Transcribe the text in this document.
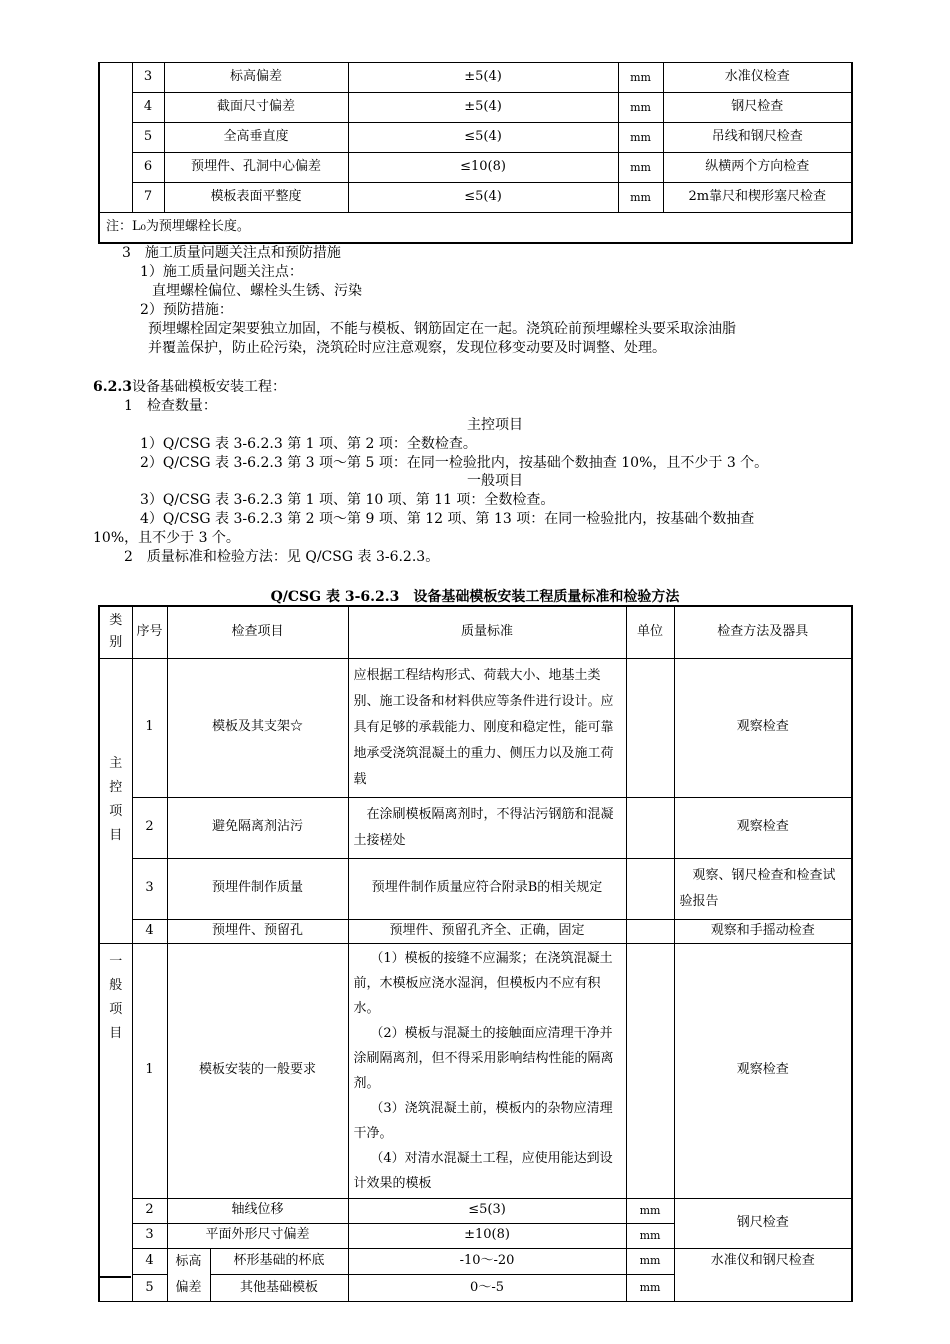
	3	标高偏差	±5(4)	mm	水准仪检查
	4	截面尺寸偏差	±5(4)	mm	钢尺检查
	5	全高垂直度	≤5(4)	mm	吊线和钢尺检查
	6	预埋件、孔洞中心偏差	≤10(8)	mm	纵横两个方向检查
	7	模板表面平整度	≤5(4)	mm	2m靠尺和楔形塞尺检查
注：L₀为预埋螺栓长度。					
3　施工质量问题关注点和预防措施
1）施工质量问题关注点：
直埋螺栓偏位、螺栓头生锈、污染
2）预防措施：
预埋螺栓固定架要独立加固，不能与模板、钢筋固定在一起。浇筑砼前预埋螺栓头要采取涂油脂
并覆盖保护，防止砼污染，浇筑砼时应注意观察，发现位移变动要及时调整、处理。
6.2.3设备基础模板安装工程：
1　检查数量：
主控项目
1）Q/CSG 表 3-6.2.3 第 1 项、第 2 项：全数检查。
2）Q/CSG 表 3-6.2.3 第 3 项～第 5 项：在同一检验批内，按基础个数抽查 10%，且不少于 3 个。
一般项目
3）Q/CSG 表 3-6.2.3 第 1 项、第 10 项、第 11 项：全数检查。
4）Q/CSG 表 3-6.2.3 第 2 项～第 9 项、第 12 项、第 13 项：在同一检验批内，按基础个数抽查
10%，且不少于 3 个。
2　质量标准和检验方法：见 Q/CSG 表 3-6.2.3。
Q/CSG 表 3-6.2.3　设备基础模板安装工程质量标准和检验方法
类别	序号	检查项目		质量标准	单位	检查方法及器具
主控项目	1	模板及其支架☆		应根据工程结构形式、荷载大小、地基土类别、施工设备和材料供应等条件进行设计。应具有足够的承载能力、刚度和稳定性，能可靠地承受浇筑混凝土的重力、侧压力以及施工荷载		观察检查
	2	避免隔离剂沾污		　在涂刷模板隔离剂时，不得沾污钢筋和混凝土接槎处		观察检查
	3	预埋件制作质量		预埋件制作质量应符合附录B的相关规定		　观察、钢尺检查和检查试验报告
	4	预埋件、预留孔		预埋件、预留孔齐全、正确，固定		观察和手摇动检查
一般项目	1	模板安装的一般要求		（1）模板的接缝不应漏浆；在浇筑混凝土前，木模板应浇水湿润，但模板内不应有积水。
（2）模板与混凝土的接触面应清理干净并涂刷隔离剂，但不得采用影响结构性能的隔离剂。
（3）浇筑混凝土前，模板内的杂物应清理干净。
（4）对清水混凝土工程，应使用能达到设计效果的模板		观察检查
	2	轴线位移		≤5(3)	mm	钢尺检查
	3	平面外形尺寸偏差		±10(8)	mm	
	4	标高偏差	杯形基础的杯底	-10～-20	mm	水准仪和钢尺检查
	5		其他基础模板	0～-5	mm	
